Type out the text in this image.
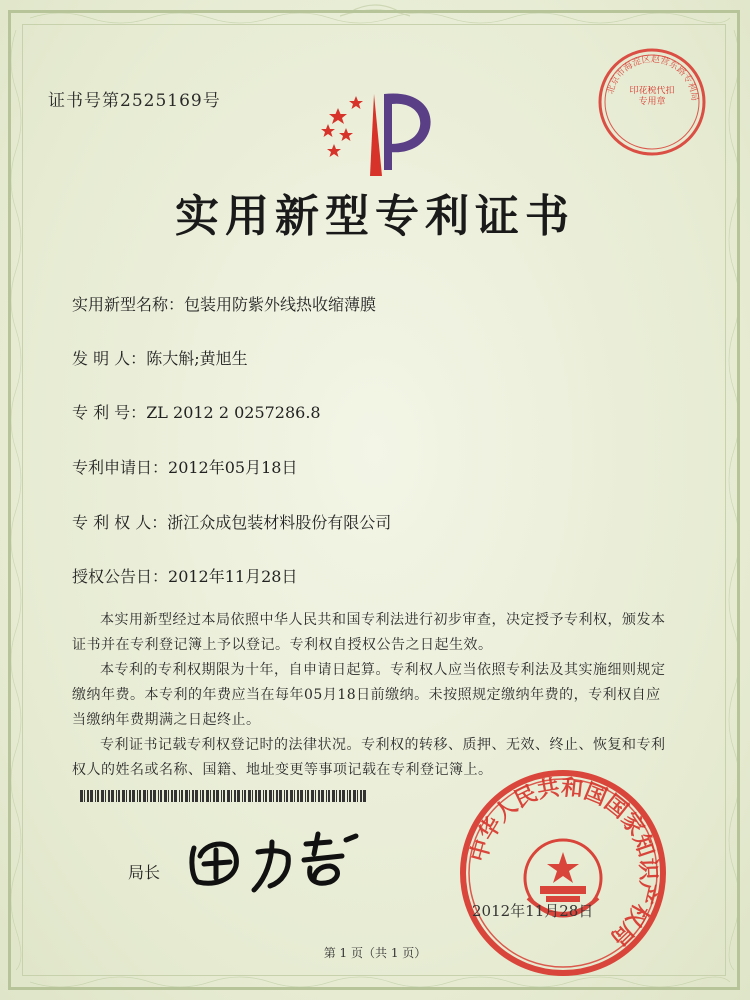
证书号第2525169号
实用新型专利证书
实用新型名称：包装用防紫外线热收缩薄膜
发 明 人：陈大斛;黄旭生
专 利 号：ZL 2012 2 0257286.8
专利申请日：2012年05月18日
专 利 权 人：浙江众成包装材料股份有限公司
授权公告日：2012年11月28日

本实用新型经过本局依照中华人民共和国专利法进行初步审查，决定授予专利权，颁发本证书并在专利登记簿上予以登记。专利权自授权公告之日起生效。

本专利的专利权期限为十年，自申请日起算。专利权人应当依照专利法及其实施细则规定缴纳年费。本专利的年费应当在每年05月18日前缴纳。未按照规定缴纳年费的，专利权自应当缴纳年费期满之日起终止。

专利证书记载专利权登记时的法律状况。专利权的转移、质押、无效、终止、恢复和专利权人的姓名或名称、国籍、地址变更等事项记载在专利登记簿上。

局长
中华人民共和国国家知识产权局
2012年11月28日
北京市海淀区赵营东路专利局
印花税代扣专用章
第 1 页（共 1 页）
